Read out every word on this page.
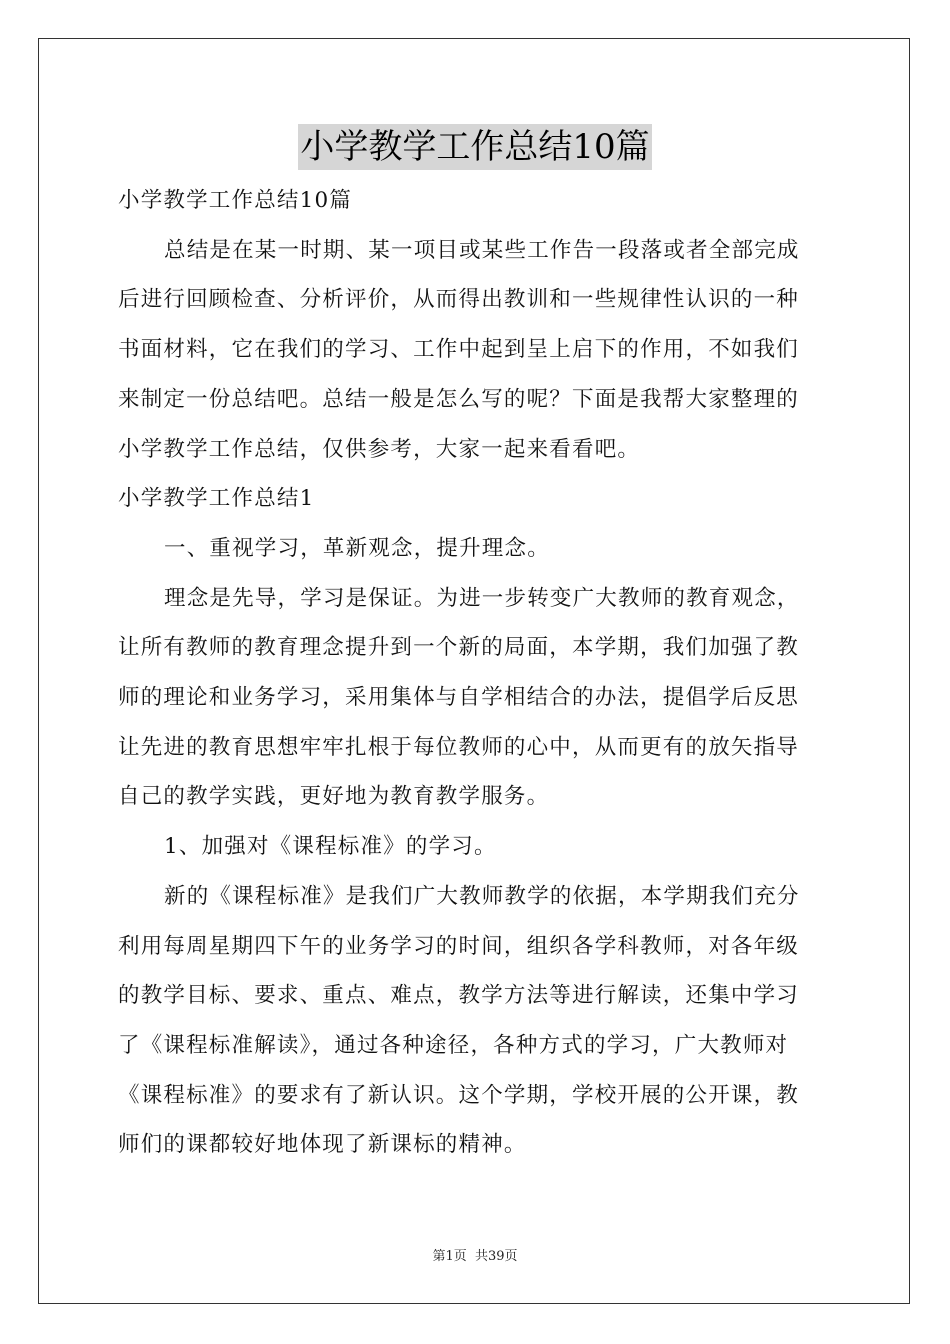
小学教学工作总结10篇

小学教学工作总结10篇

总结是在某一时期、某一项目或某些工作告一段落或者全部完成
后进行回顾检查、分析评价，从而得出教训和一些规律性认识的一种
书面材料，它在我们的学习、工作中起到呈上启下的作用，不如我们
来制定一份总结吧。总结一般是怎么写的呢？下面是我帮大家整理的
小学教学工作总结，仅供参考，大家一起来看看吧。

小学教学工作总结1

一、重视学习，革新观念，提升理念。

理念是先导，学习是保证。为进一步转变广大教师的教育观念，
让所有教师的教育理念提升到一个新的局面，本学期，我们加强了教
师的理论和业务学习，采用集体与自学相结合的办法，提倡学后反思
让先进的教育思想牢牢扎根于每位教师的心中，从而更有的放矢指导
自己的教学实践，更好地为教育教学服务。

1、加强对《课程标准》的学习。

新的《课程标准》是我们广大教师教学的依据，本学期我们充分
利用每周星期四下午的业务学习的时间，组织各学科教师，对各年级
的教学目标、要求、重点、难点，教学方法等进行解读，还集中学习
了《课程标准解读》，通过各种途径，各种方式的学习，广大教师对
《课程标准》的要求有了新认识。这个学期，学校开展的公开课，教
师们的课都较好地体现了新课标的精神。

第1页 共39页
